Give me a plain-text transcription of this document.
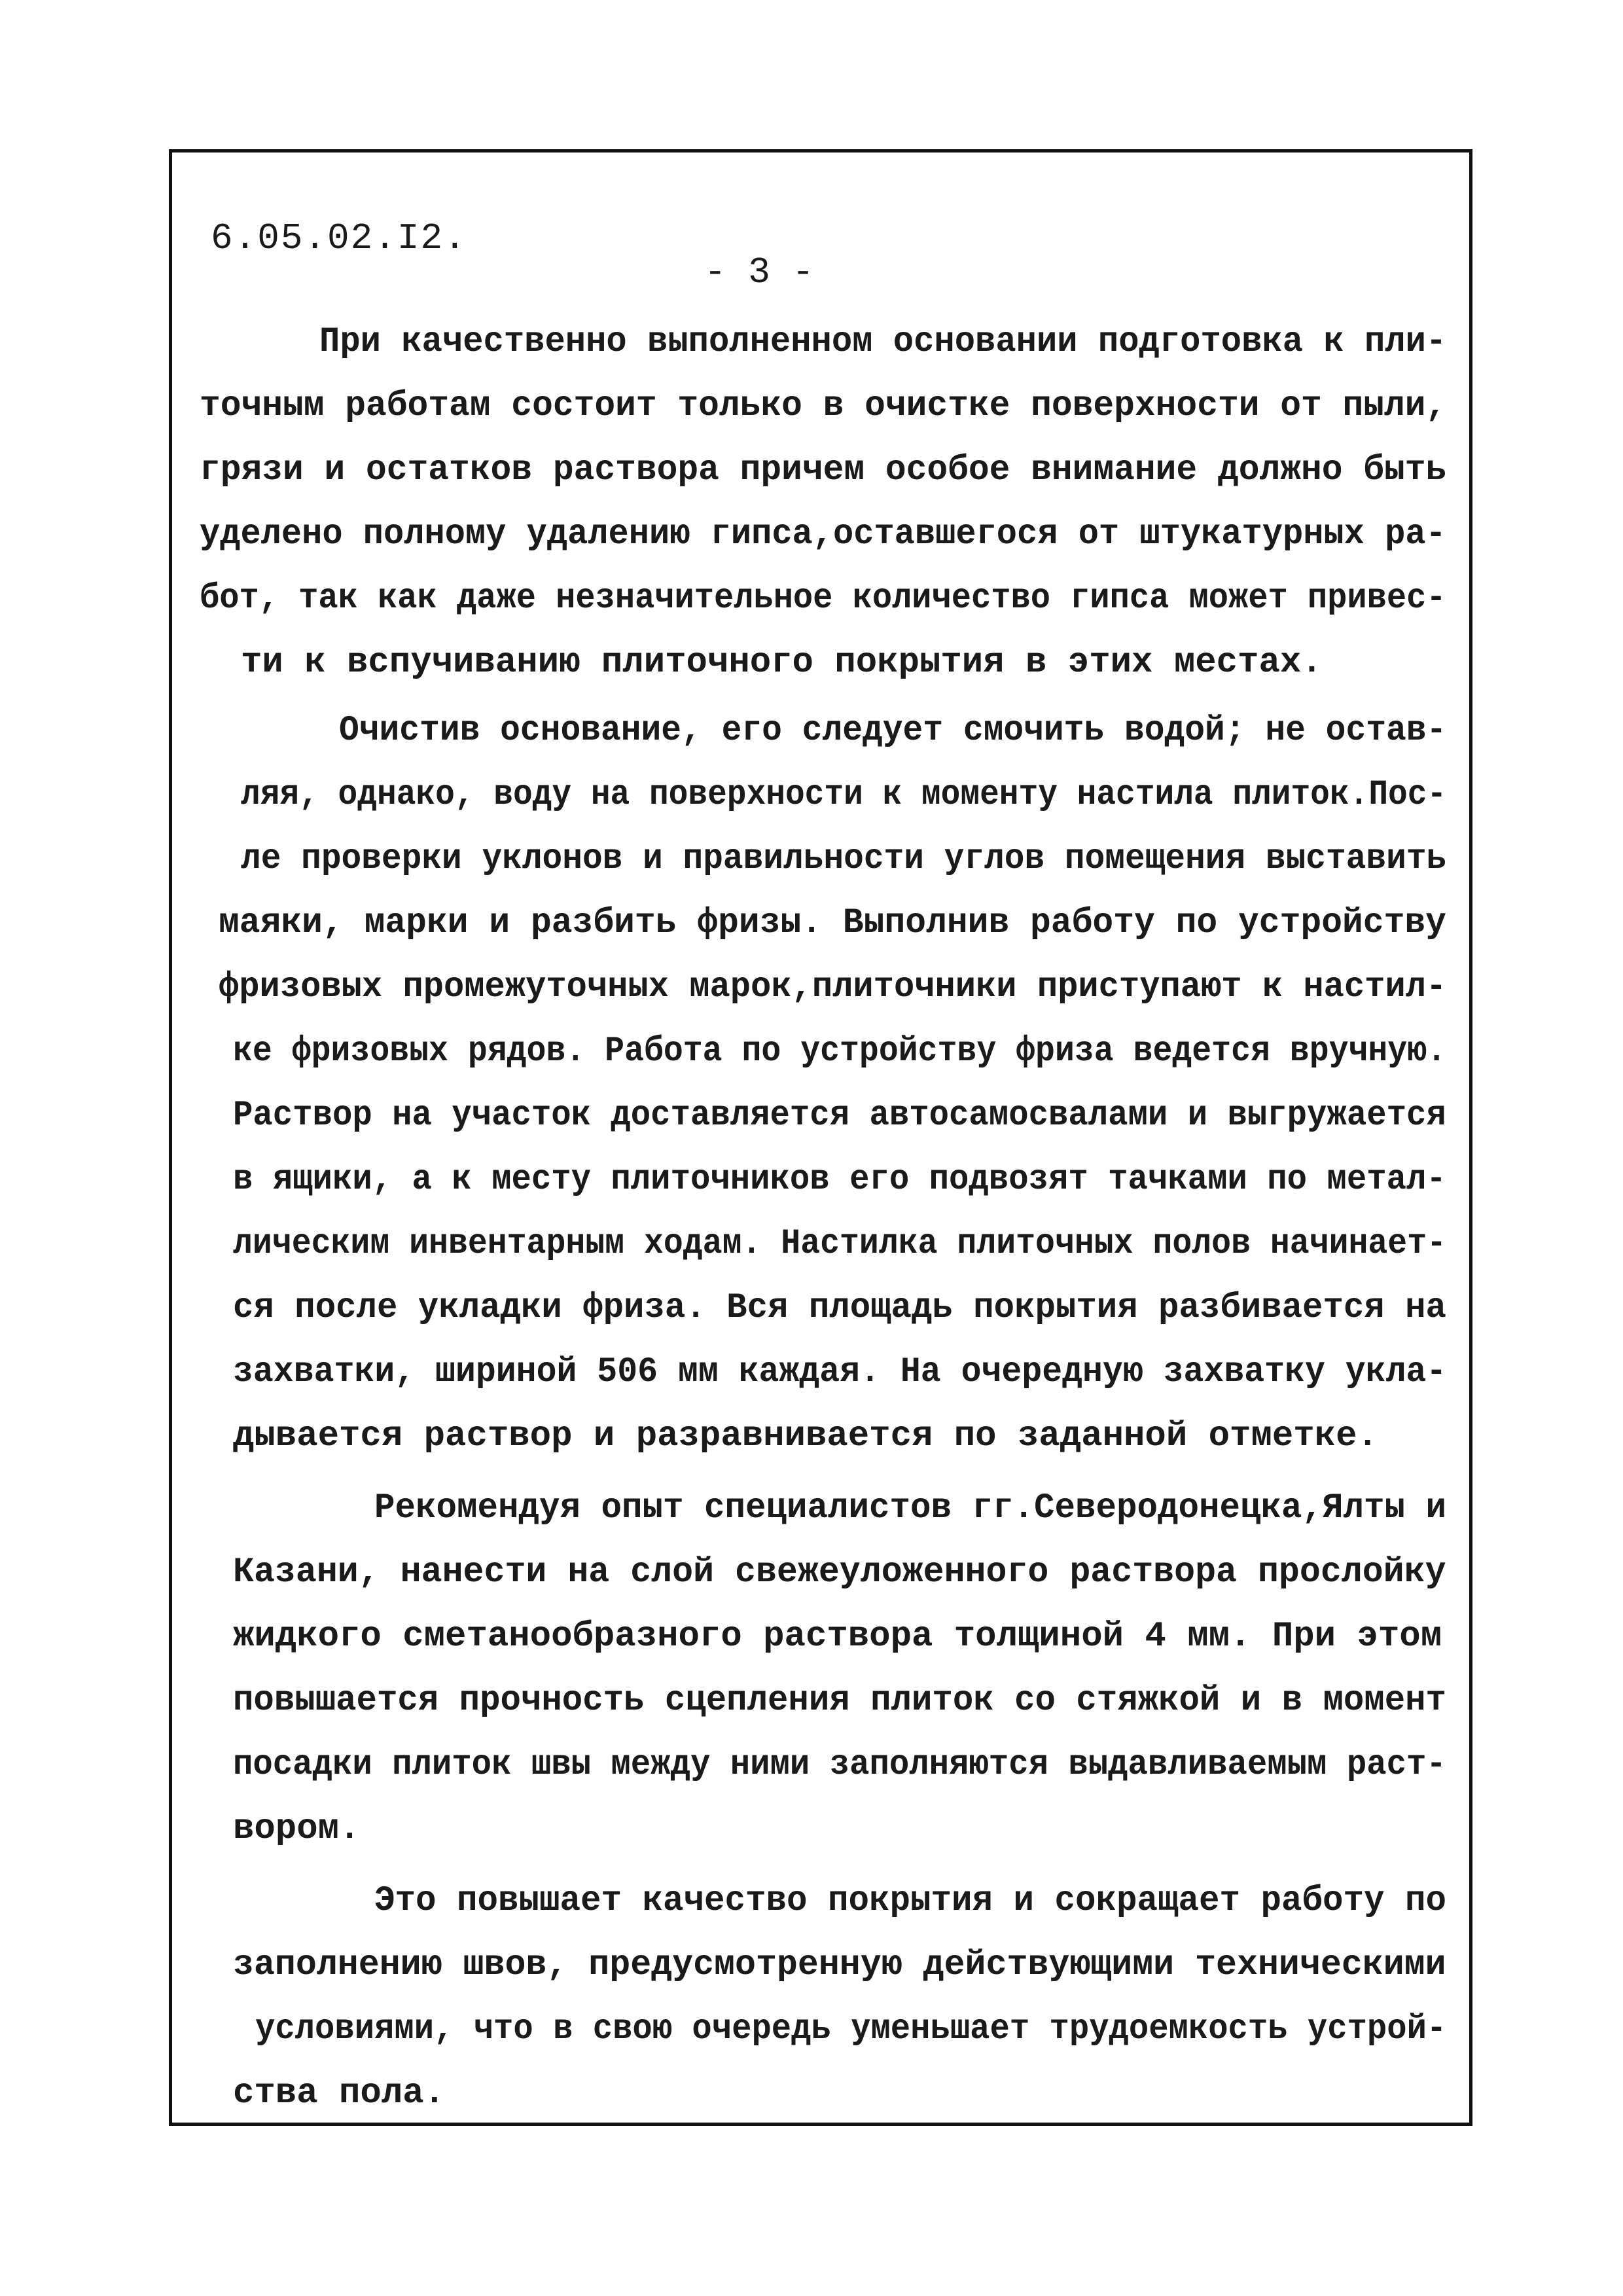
6.05.02.I2.
- 3 -

При качественно выполненном основании подготовка к пли-

точным работам состоит только в очистке поверхности от пыли,

грязи и остатков раствора причем особое внимание должно быть

уделено полному удалению гипса,оставшегося от штукатурных ра-

бот, так как даже незначительное количество гипса может привес-

ти к вспучиванию плиточного покрытия в этих местах.

Очистив основание, его следует смочить водой; не остав-

ляя, однако, воду на поверхности к моменту настила плиток.Пос-

ле проверки уклонов и правильности углов помещения выставить

маяки, марки и разбить фризы. Выполнив работу по устройству

фризовых промежуточных марок,плиточники приступают к настил-

ке фризовых рядов. Работа по устройству фриза ведется вручную.

Раствор на участок доставляется автосамосвалами и выгружается

в ящики, а к месту плиточников его подвозят тачками по метал-

лическим инвентарным ходам. Настилка плиточных полов начинает-

ся после укладки фриза. Вся площадь покрытия разбивается на

захватки, шириной 506 мм каждая. На очередную захватку укла-

дывается раствор и разравнивается по заданной отметке.

Рекомендуя опыт специалистов гг.Северодонецка,Ялты и

Казани, нанести на слой свежеуложенного раствора прослойку

жидкого сметанообразного раствора толщиной 4 мм. При этом

повышается прочность сцепления плиток со стяжкой и в момент

посадки плиток швы между ними заполняются выдавливаемым раст-

вором.

Это повышает качество покрытия и сокращает работу по

заполнению швов, предусмотренную действующими техническими

условиями, что в свою очередь уменьшает трудоемкость устрой-

ства пола.
